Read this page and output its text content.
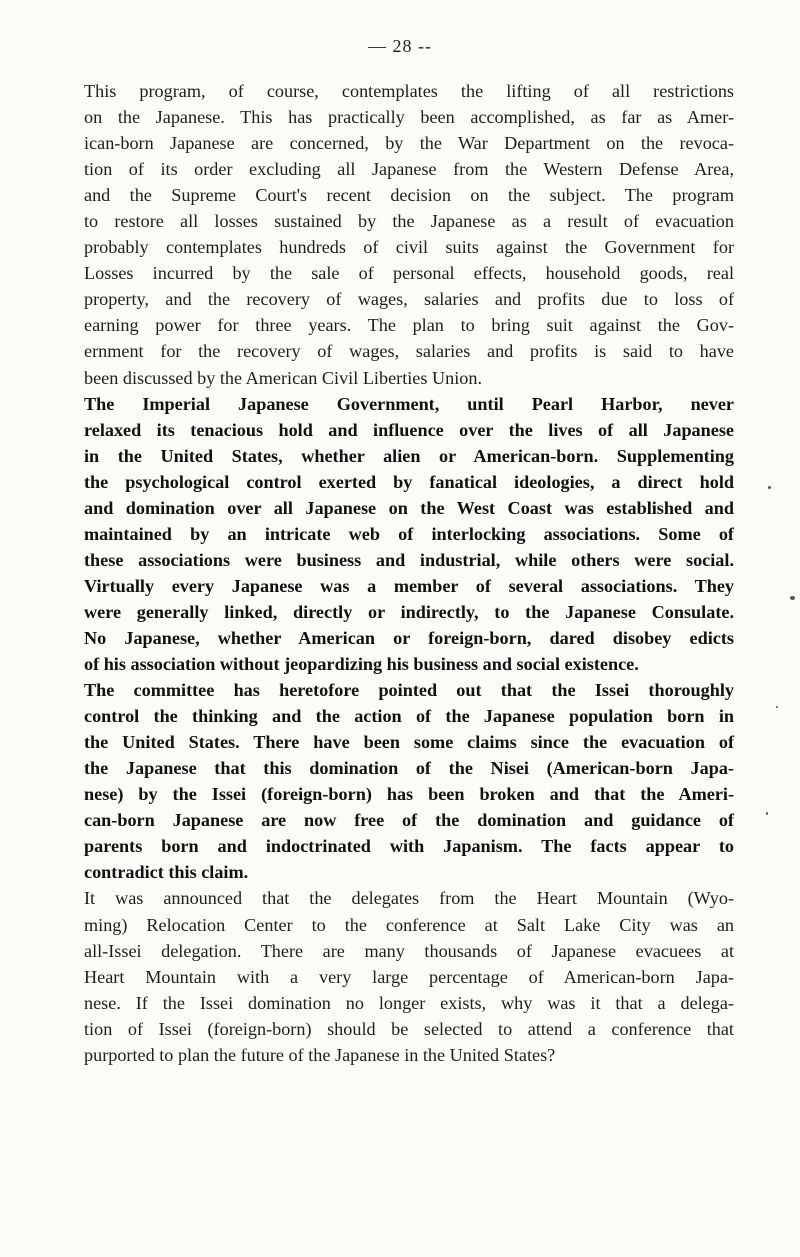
— 28 --

This program, of course, contemplates the lifting of all restrictions
on the Japanese. This has practically been accomplished, as far as Amer-
ican-born Japanese are concerned, by the War Department on the revoca-
tion of its order excluding all Japanese from the Western Defense Area,
and the Supreme Court's recent decision on the subject. The program
to restore all losses sustained by the Japanese as a result of evacuation
probably contemplates hundreds of civil suits against the Government for
Losses incurred by the sale of personal effects, household goods, real
property, and the recovery of wages, salaries and profits due to loss of
earning power for three years. The plan to bring suit against the Gov-
ernment for the recovery of wages, salaries and profits is said to have
been discussed by the American Civil Liberties Union.

The Imperial Japanese Government, until Pearl Harbor, never
relaxed its tenacious hold and influence over the lives of all Japanese
in the United States, whether alien or American-born. Supplementing
the psychological control exerted by fanatical ideologies, a direct hold
and domination over all Japanese on the West Coast was established and
maintained by an intricate web of interlocking associations. Some of
these associations were business and industrial, while others were social.
Virtually every Japanese was a member of several associations. They
were generally linked, directly or indirectly, to the Japanese Consulate.
No Japanese, whether American or foreign-born, dared disobey edicts
of his association without jeopardizing his business and social existence.

The committee has heretofore pointed out that the Issei thoroughly
control the thinking and the action of the Japanese population born in
the United States. There have been some claims since the evacuation of
the Japanese that this domination of the Nisei (American-born Japa-
nese) by the Issei (foreign-born) has been broken and that the Ameri-
can-born Japanese are now free of the domination and guidance of
parents born and indoctrinated with Japanism. The facts appear to
contradict this claim.

It was announced that the delegates from the Heart Mountain (Wyo-
ming) Relocation Center to the conference at Salt Lake City was an
all-Issei delegation. There are many thousands of Japanese evacuees at
Heart Mountain with a very large percentage of American-born Japa-
nese. If the Issei domination no longer exists, why was it that a delega-
tion of Issei (foreign-born) should be selected to attend a conference that
purported to plan the future of the Japanese in the United States?
